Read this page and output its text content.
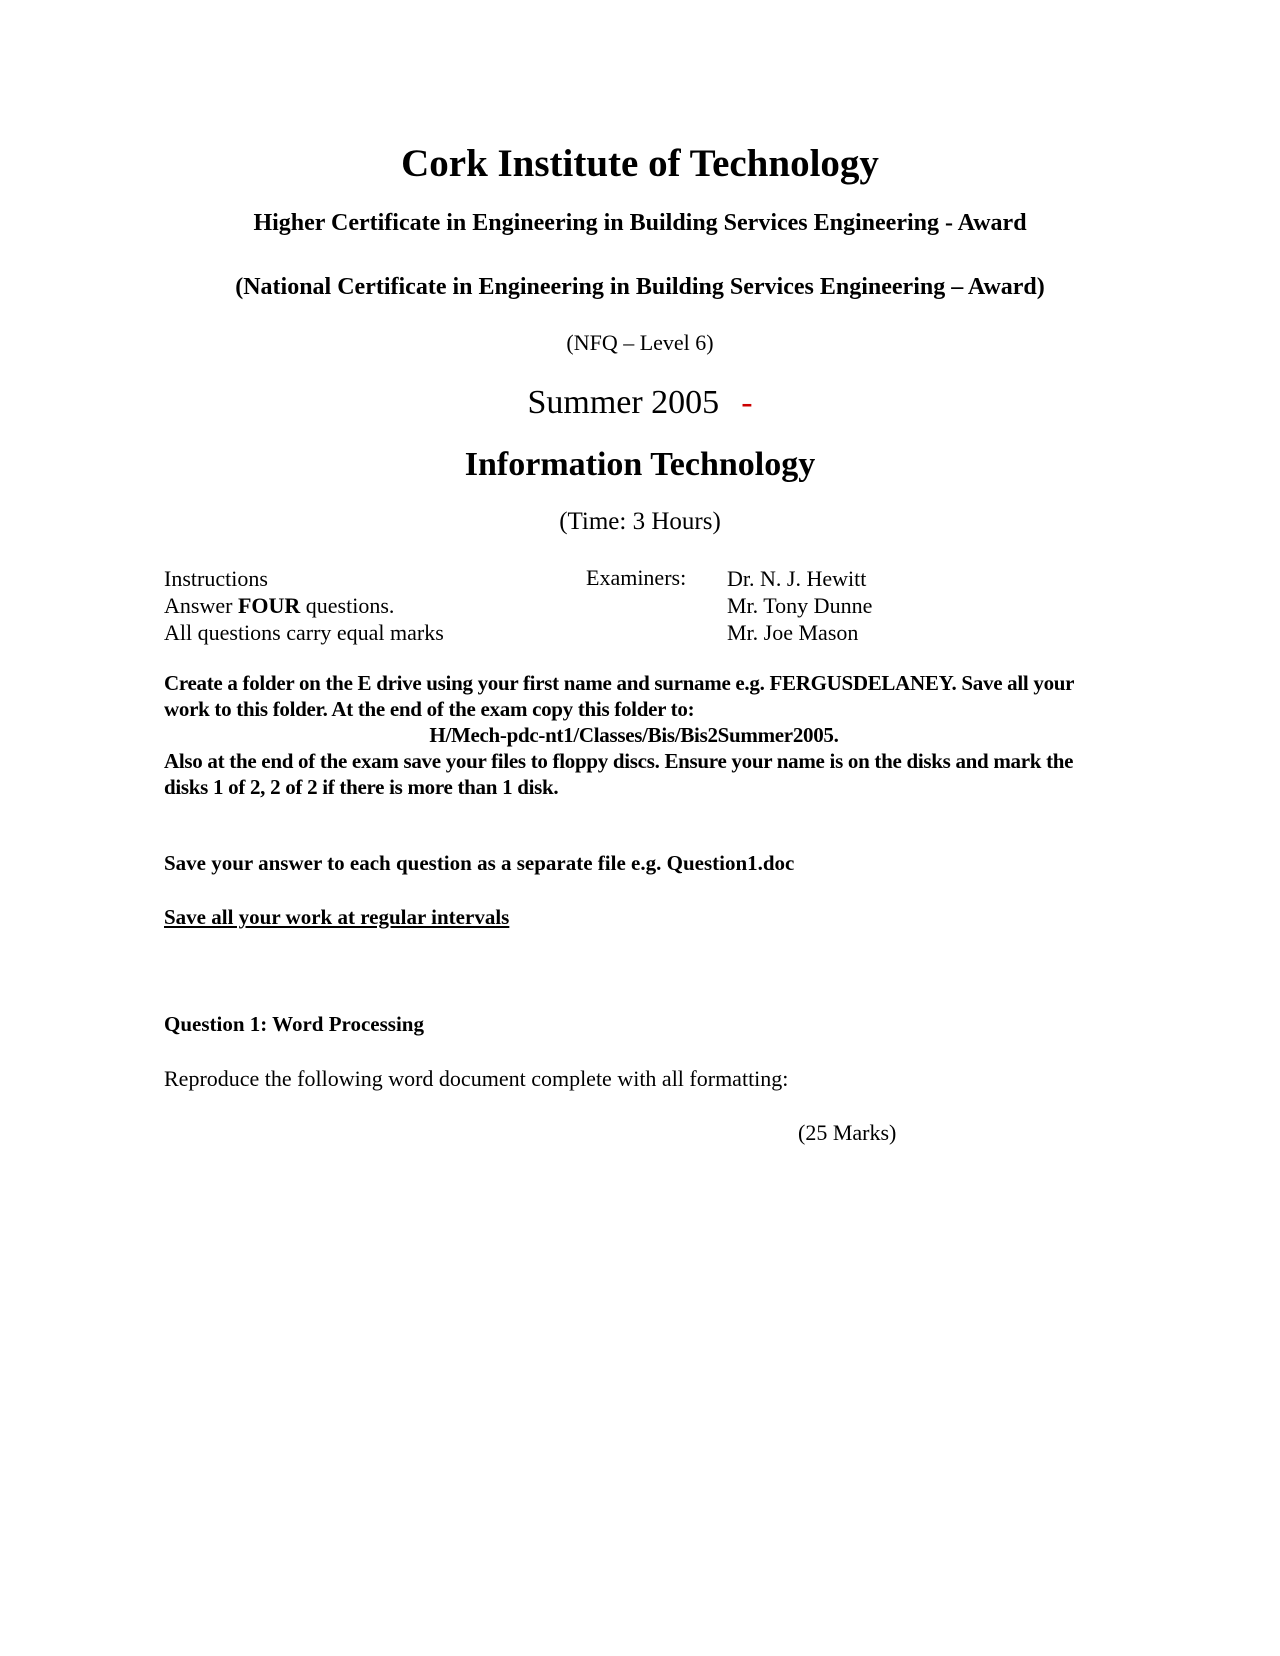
Cork Institute of Technology
Higher Certificate in Engineering in Building Services Engineering - Award
(National Certificate in Engineering in Building Services Engineering – Award)
(NFQ – Level 6)
Summer 2005 -
Information Technology
(Time: 3 Hours)
Instructions
Answer FOUR questions.
All questions carry equal marks
Examiners: Dr. N. J. Hewitt
Mr. Tony Dunne
Mr. Joe Mason
Create a folder on the E drive using your first name and surname e.g. FERGUSDELANEY. Save all your work to this folder. At the end of the exam copy this folder to:
H/Mech-pdc-nt1/Classes/Bis/Bis2Summer2005.
Also at the end of the exam save your files to floppy discs. Ensure your name is on the disks and mark the disks 1 of 2, 2 of 2 if there is more than 1 disk.
Save your answer to each question as a separate file e.g. Question1.doc
Save all your work at regular intervals
Question 1: Word Processing
Reproduce the following word document complete with all formatting:
(25 Marks)
